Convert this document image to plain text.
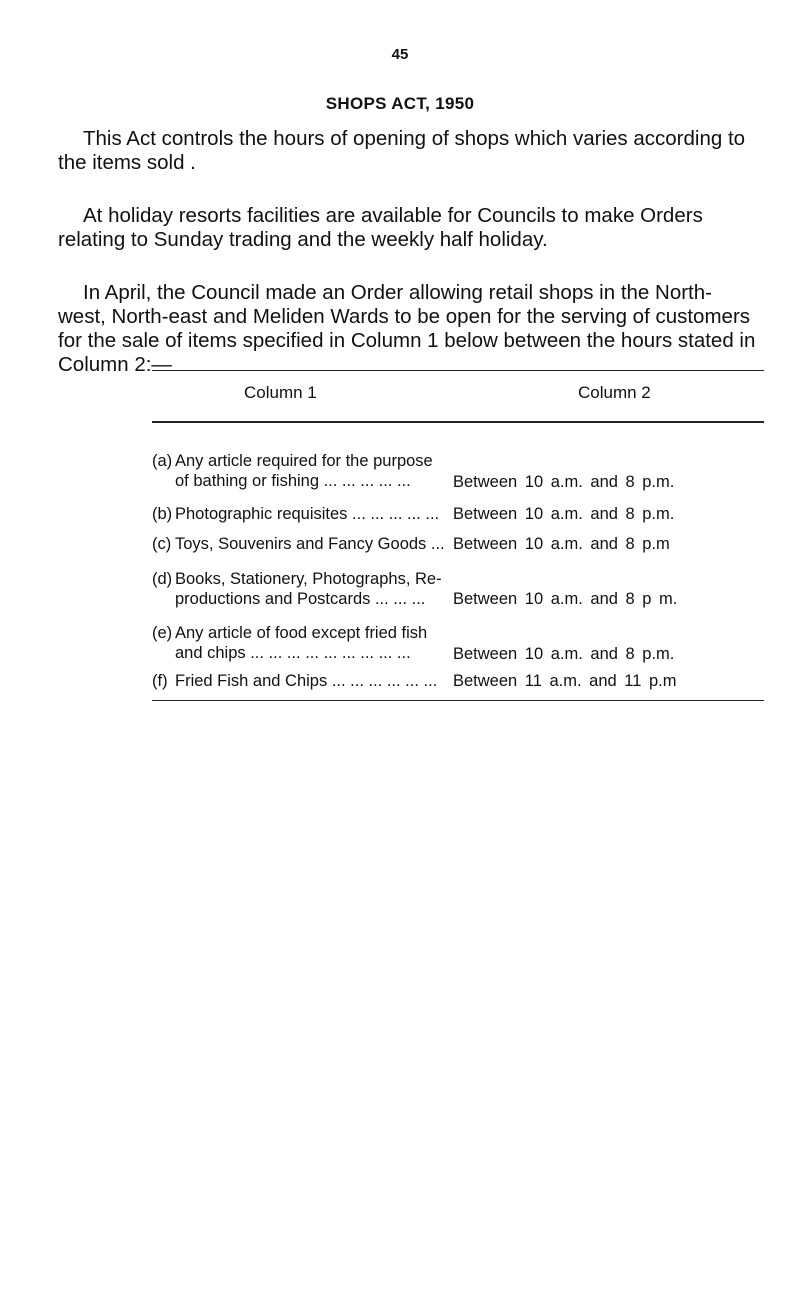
45
SHOPS ACT, 1950
This Act controls the hours of opening of shops which varies according to the items sold .
At holiday resorts facilities are available for Councils to make Orders relating to Sunday trading and the weekly half holiday.
In April, the Council made an Order allowing retail shops in the North-west, North-east and Meliden Wards to be open for the serving of customers for the sale of items specified in Column 1 below between the hours stated in Column 2:—
Column 1	Column 2
(a) Any article required for the purpose
of bathing or fishing ... ... ... ... ...	Between 10 a.m. and 8 p.m.
(b) Photographic requisites ... ... ... ... ... Between 10 a.m. and 8 p.m.
(c) Toys, Souvenirs and Fancy Goods ... Between 10 a.m. and 8 p.m
(d) Books, Stationery, Photographs, Re-
productions and Postcards ... ... ...	Between 10 a.m. and 8 p m.
(e) Any article of food except fried fish
and chips ... ... ... ... ... ... ... ... ...	Between 10 a.m. and 8 p.m.
(f) Fried Fish and Chips ... ... ... ... ... ... Between 11 a.m. and 11 p.m
